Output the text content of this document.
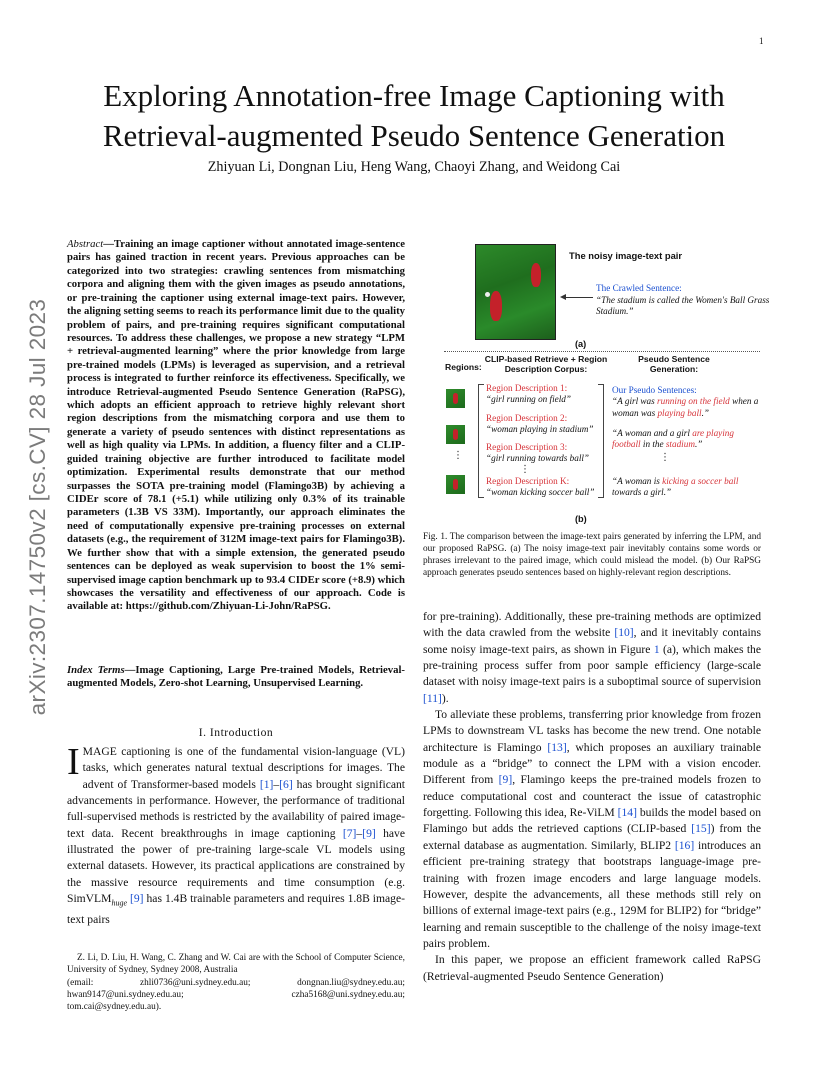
1
Exploring Annotation-free Image Captioning with Retrieval-augmented Pseudo Sentence Generation
Zhiyuan Li, Dongnan Liu, Heng Wang, Chaoyi Zhang, and Weidong Cai
arXiv:2307.14750v2 [cs.CV] 28 Jul 2023
Abstract—Training an image captioner without annotated image-sentence pairs has gained traction in recent years. Previous approaches can be categorized into two strategies: crawling sentences from mismatching corpora and aligning them with the given images as pseudo annotations, or pre-training the captioner using external image-text pairs. However, the aligning setting seems to reach its performance limit due to the quality problem of pairs, and pre-training requires significant computational resources. To address these challenges, we propose a new strategy “LPM + retrieval-augmented learning” where the prior knowledge from large pre-trained models (LPMs) is leveraged as supervision, and a retrieval process is integrated to further reinforce its effectiveness. Specifically, we introduce Retrieval-augmented Pseudo Sentence Generation (RaPSG), which adopts an efficient approach to retrieve highly relevant short region descriptions from the mismatching corpora and use them to generate a variety of pseudo sentences with distinct representations as well as high quality via LPMs. In addition, a fluency filter and a CLIP-guided training objective are further introduced to facilitate model optimization. Experimental results demonstrate that our method surpasses the SOTA pre-training model (Flamingo3B) by achieving a CIDEr score of 78.1 (+5.1) while utilizing only 0.3% of its trainable parameters (1.3B VS 33M). Importantly, our approach eliminates the need of computationally expensive pre-training processes on external datasets (e.g., the requirement of 312M image-text pairs for Flamingo3B). We further show that with a simple extension, the generated pseudo sentences can be deployed as weak supervision to boost the 1% semi-supervised image caption benchmark up to 93.4 CIDEr score (+8.9) which showcases the versatility and effectiveness of our approach. Code is available at: https://github.com/Zhiyuan-Li-John/RaPSG.
Index Terms—Image Captioning, Large Pre-trained Models, Retrieval-augmented Models, Zero-shot Learning, Unsupervised Learning.
I. Introduction
IMAGE captioning is one of the fundamental vision-language (VL) tasks, which generates natural textual descriptions for images. The advent of Transformer-based models [1]–[6] has brought significant advancements in performance. However, the performance of traditional full-supervised methods is restricted by the availability of paired image-text data. Recent breakthroughs in image captioning [7]–[9] have illustrated the power of pre-training large-scale VL models using external datasets. However, its practical applications are constrained by the massive resource requirements and time consumption (e.g. SimVLM$_{huge}$ [9] has 1.4B trainable parameters and requires 1.8B image-text pairs
Z. Li, D. Liu, H. Wang, C. Zhang and W. Cai are with the School of Computer Science, University of Sydney, Sydney 2008, Australia
(email:	zhli0736@uni.sydney.edu.au;	dongnan.liu@sydney.edu.au;
hwan9147@uni.sydney.edu.au;	czha5168@uni.sydney.edu.au;
tom.cai@sydney.edu.au).
The noisy image-text pair
The Crawled Sentence:
“The stadium is called the Women's Ball Grass Stadium.”
(a)
Regions:
CLIP-based Retrieve + Region Description Corpus:
Pseudo Sentence Generation:
⋮
Region Description 1:
“girl running on field”
Region Description 2:
“woman playing in stadium”
Region Description 3:
“girl running towards ball”
⋮
Region Description K:
“woman kicking soccer ball”
Our Pseudo Sentences:
“A girl was running on the field when a woman was playing ball.”
“A woman and a girl are playing football in the stadium.”
⋮
“A woman is kicking a soccer ball towards a girl.”
(b)
Fig. 1. The comparison between the image-text pairs generated by inferring the LPM, and our proposed RaPSG. (a) The noisy image-text pair inevitably contains some words or phrases irrelevant to the paired image, which could mislead the model. (b) Our RaPSG approach generates pseudo sentences based on highly-relevant region descriptions.

for pre-training). Additionally, these pre-training methods are optimized with the data crawled from the website [10], and it inevitably contains some noisy image-text pairs, as shown in Figure 1 (a), which makes the pre-training process suffer from poor sample efficiency (large-scale dataset with noisy image-text pairs is a suboptimal source of supervision [11]).

To alleviate these problems, transferring prior knowledge from frozen LPMs to downstream VL tasks has become the new trend. One notable architecture is Flamingo [13], which proposes an auxiliary trainable module as a “bridge” to connect the LPM with a vision encoder. Different from [9], Flamingo keeps the pre-trained models frozen to reduce computational cost and counteract the issue of catastrophic forgetting. Following this idea, Re-ViLM [14] builds the model based on Flamingo but adds the retrieved captions (CLIP-based [15]) from the external database as augmentation. Similarly, BLIP2 [16] introduces an efficient pre-training strategy that bootstraps language-image pre-training with frozen image encoders and large language models. However, despite the advancements, all these methods still rely on billions of external image-text pairs (e.g., 129M for BLIP2) for “bridge” learning and remain susceptible to the challenge of the noisy image-text pairs problem.

In this paper, we propose an efficient framework called RaPSG (Retrieval-augmented Pseudo Sentence Generation)
